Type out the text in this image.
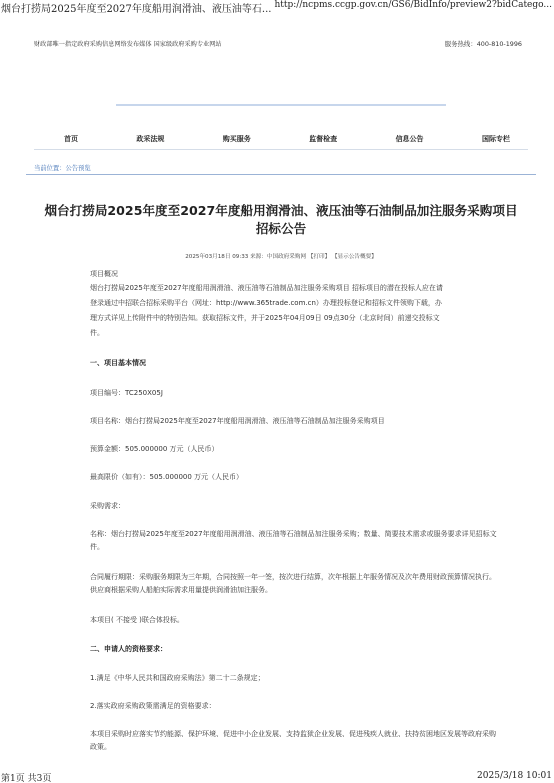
烟台打捞局2025年度至2027年度船用润滑油、液压油等石... http://ncpms.ccgp.gov.cn/GS6/BidInfo/preview2?bidCatego...
财政部唯一指定政府采购信息网络发布媒体 国家级政府采购专业网站	服务热线：400-810-1996
首页	政采法规	购买服务	监督检查	信息公告	国际专栏
当前位置：公告预览
烟台打捞局2025年度至2027年度船用润滑油、液压油等石油制品加注服务采购项目
招标公告
2025年03月18日 09:33 来源：中国政府采购网 【打印】 【显示公告概要】

项目概况

烟台打捞局2025年度至2027年度船用润滑油、液压油等石油制品加注服务采购项目 招标项目的潜在投标人应在请

登录通过中招联合招标采购平台（网址：http://www.365trade.com.cn）办理投标登记和招标文件领购下载，办

理方式详见上传附件中的特别告知。获取招标文件，并于2025年04月09日 09点30分（北京时间）前递交投标文

件。

一、项目基本情况

项目编号：TC250X05J

项目名称：烟台打捞局2025年度至2027年度船用润滑油、液压油等石油制品加注服务采购项目

预算金额：505.000000 万元（人民币）

最高限价（如有）：505.000000 万元（人民币）

采购需求：

名称：烟台打捞局2025年度至2027年度船用润滑油、液压油等石油制品加注服务采购；数量、简要技术需求或服务要求详见招标文件。

合同履行期限：采购服务期限为三年期，合同按照一年一签，按次进行结算，次年根据上年服务情况及次年费用财政预算情况执行。供应商根据采购人船舶实际需求用量提供润滑油加注服务。

本项目( 不接受 )联合体投标。

二、申请人的资格要求：

1.满足《中华人民共和国政府采购法》第二十二条规定；

2.落实政府采购政策需满足的资格要求：

本项目采购时应落实节约能源、保护环境、促进中小企业发展、支持监狱企业发展、促进残疾人就业、扶持贫困地区发展等政府采购政策。

第1页 共3页	2025/3/18 10:01
